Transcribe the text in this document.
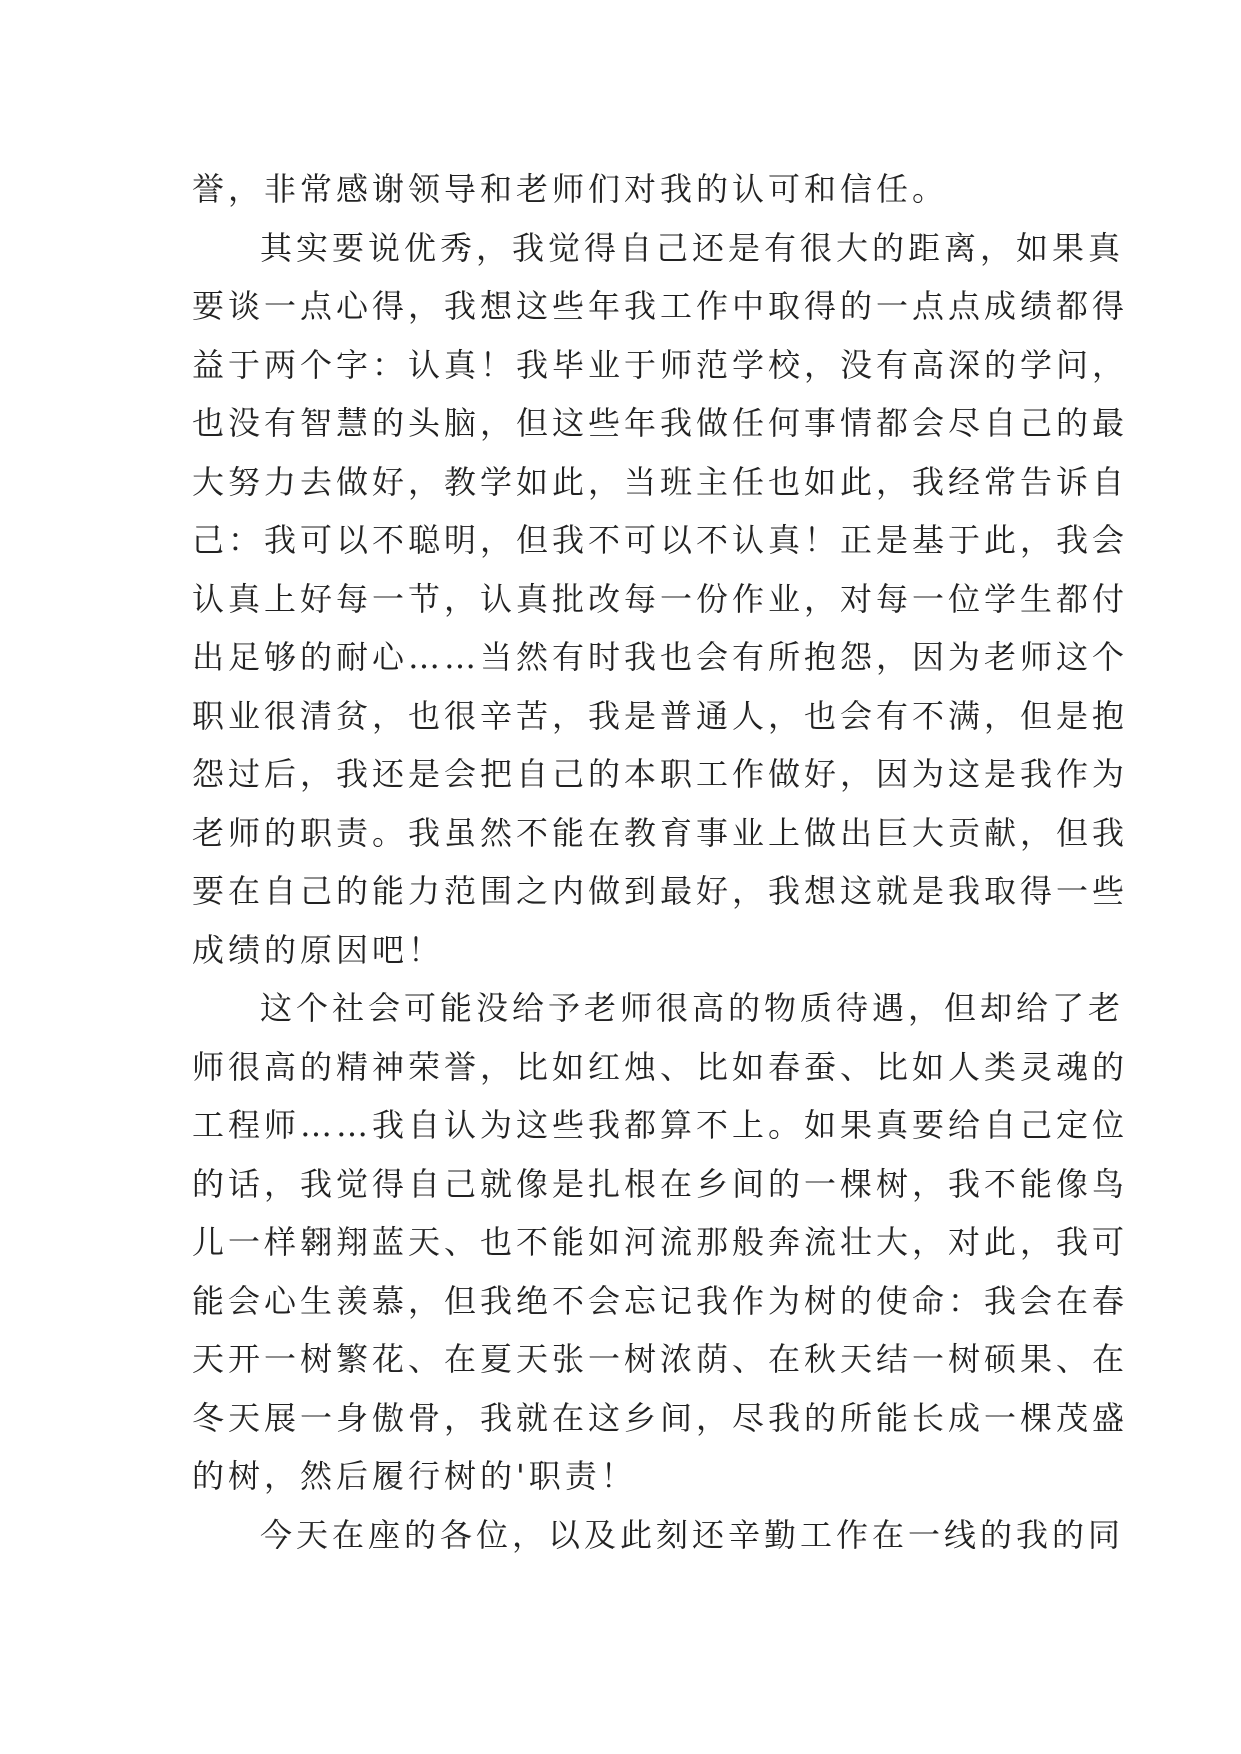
誉，非常感谢领导和老师们对我的认可和信任。
其实要说优秀，我觉得自己还是有很大的距离，如果真
要谈一点心得，我想这些年我工作中取得的一点点成绩都得
益于两个字：认真！我毕业于师范学校，没有高深的学问，
也没有智慧的头脑，但这些年我做任何事情都会尽自己的最
大努力去做好，教学如此，当班主任也如此，我经常告诉自
己：我可以不聪明，但我不可以不认真！正是基于此，我会
认真上好每一节，认真批改每一份作业，对每一位学生都付
出足够的耐心……当然有时我也会有所抱怨，因为老师这个
职业很清贫，也很辛苦，我是普通人，也会有不满，但是抱
怨过后，我还是会把自己的本职工作做好，因为这是我作为
老师的职责。我虽然不能在教育事业上做出巨大贡献，但我
要在自己的能力范围之内做到最好，我想这就是我取得一些
成绩的原因吧！
这个社会可能没给予老师很高的物质待遇，但却给了老
师很高的精神荣誉，比如红烛、比如春蚕、比如人类灵魂的
工程师……我自认为这些我都算不上。如果真要给自己定位
的话，我觉得自己就像是扎根在乡间的一棵树，我不能像鸟
儿一样翱翔蓝天、也不能如河流那般奔流壮大，对此，我可
能会心生羡慕，但我绝不会忘记我作为树的使命：我会在春
天开一树繁花、在夏天张一树浓荫、在秋天结一树硕果、在
冬天展一身傲骨，我就在这乡间，尽我的所能长成一棵茂盛
的树，然后履行树的'职责！
今天在座的各位，以及此刻还辛勤工作在一线的我的同
